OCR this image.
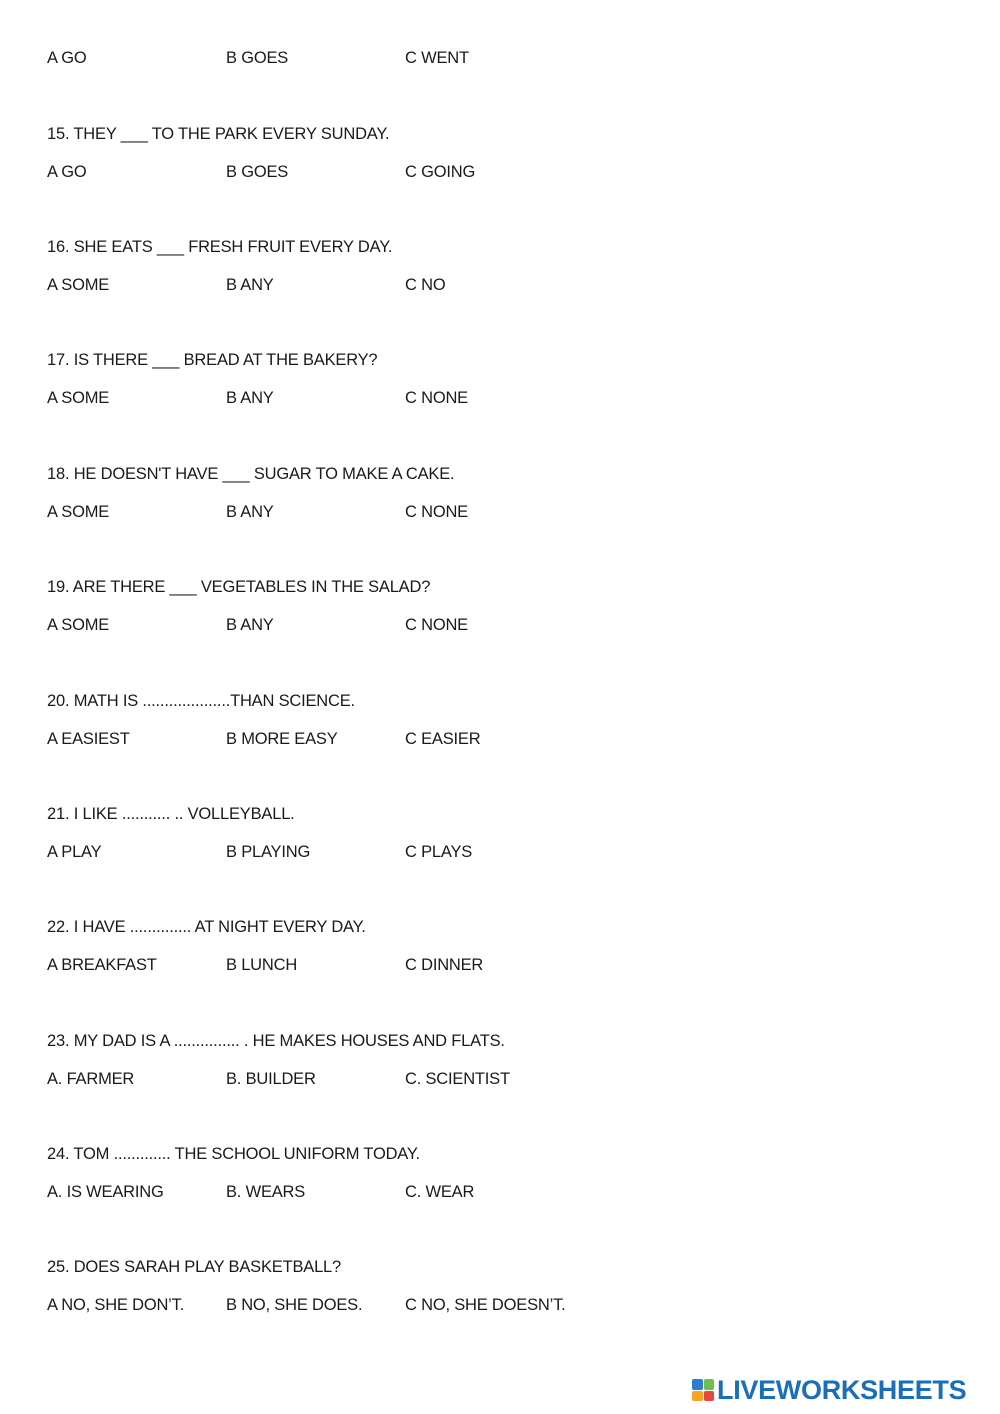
A GO	B GOES	C WENT
15. THEY ___ TO THE PARK EVERY SUNDAY.
A GO	B GOES	C GOING
16. SHE EATS ___ FRESH FRUIT EVERY DAY.
A SOME	B ANY	C NO
17. IS THERE ___ BREAD AT THE BAKERY?
A SOME	B ANY	C NONE
18. HE DOESN'T HAVE ___ SUGAR TO MAKE A CAKE.
A SOME	B ANY	C NONE
19. ARE THERE ___ VEGETABLES IN THE SALAD?
A SOME	B ANY	C NONE
20. MATH IS ....................THAN SCIENCE.
A EASIEST	B MORE EASY	C EASIER
21. I LIKE ........... .. VOLLEYBALL.
A PLAY	B PLAYING	C PLAYS
22. I HAVE .............. AT NIGHT EVERY DAY.
A BREAKFAST	B LUNCH	C DINNER
23. MY DAD IS A ............... . HE MAKES HOUSES AND FLATS.
A. FARMER	B. BUILDER	C. SCIENTIST
24. TOM ............. THE SCHOOL UNIFORM TODAY.
A. IS WEARING	B. WEARS	C. WEAR
25. DOES SARAH PLAY BASKETBALL?
A NO, SHE DON’T.	B NO, SHE DOES.	C NO, SHE DOESN’T.
LIVEWORKSHEETS
